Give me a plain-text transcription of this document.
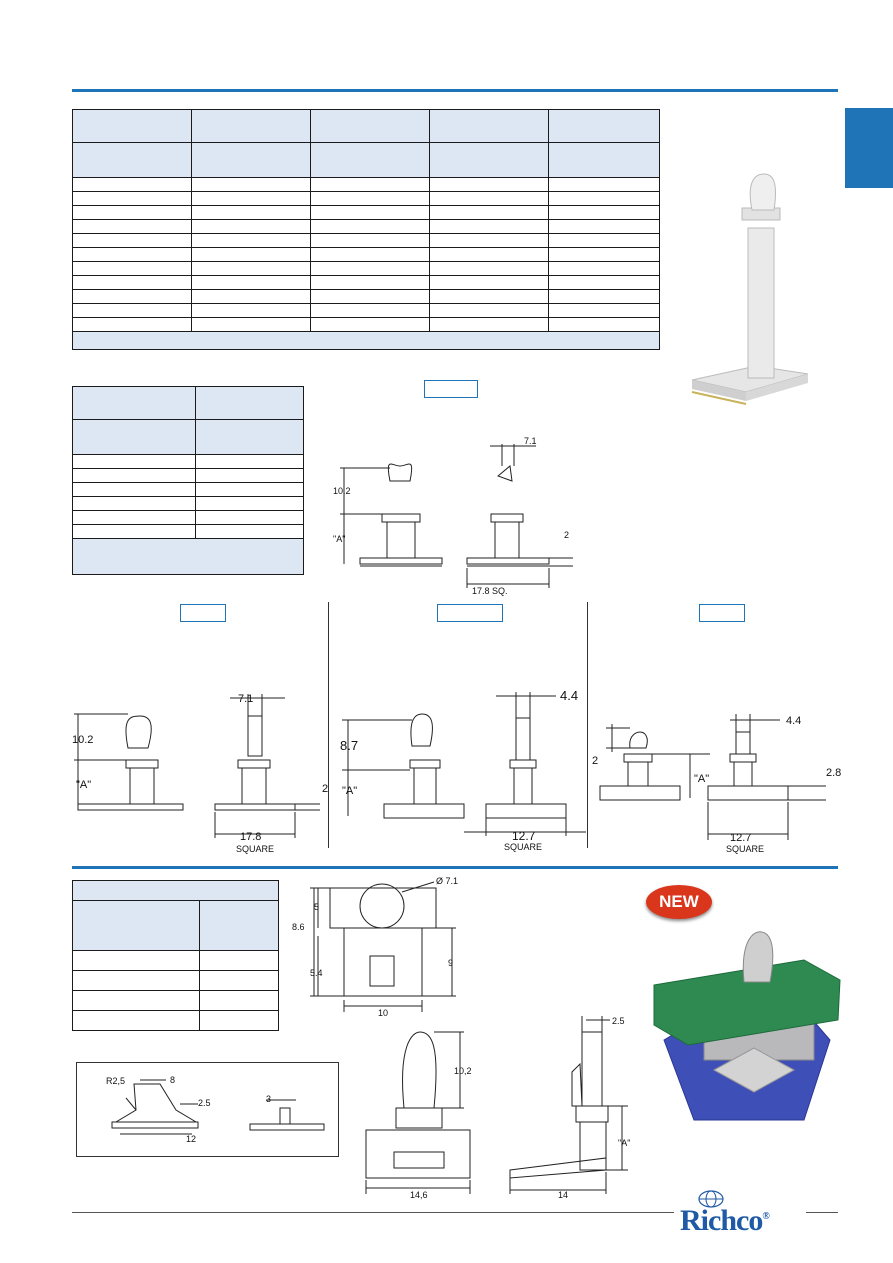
10.2
"A"
7.1
2
17.8 SQ.
10.2
"A"
7.1
2
17.8
SQUARE
8.7
"A"
4.4
12.7
SQUARE
2
"A"
4.4
2.8
12.7
SQUARE

5
8.6
5.4
9
10
Ø 7.1
NEW
R2,5	8
2.5
12
3
10,2
14,6
2.5
"A"
14
Richco®
